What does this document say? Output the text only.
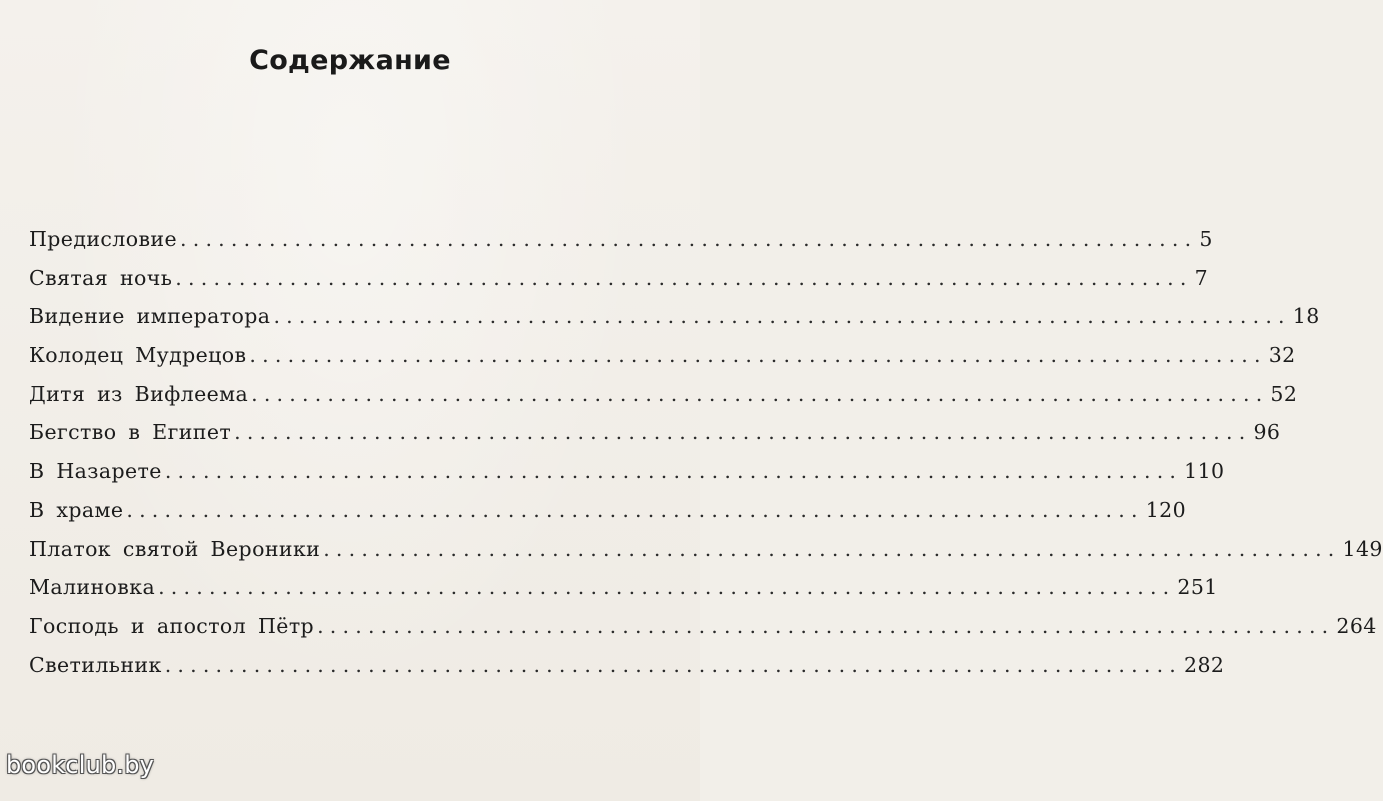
Содержание
Предисловие ................................................................................ 5
Святая ночь ................................................................................ 7
Видение императора ................................................................................ 18
Колодец Мудрецов ................................................................................ 32
Дитя из Вифлеема ................................................................................ 52
Бегство в Египет ................................................................................ 96
В Назарете ................................................................................ 110
В храме ................................................................................ 120
Платок святой Вероники ................................................................................ 149
Малиновка ................................................................................ 251
Господь и апостол Пётр ................................................................................ 264
Светильник ................................................................................ 282
bookclub.by
